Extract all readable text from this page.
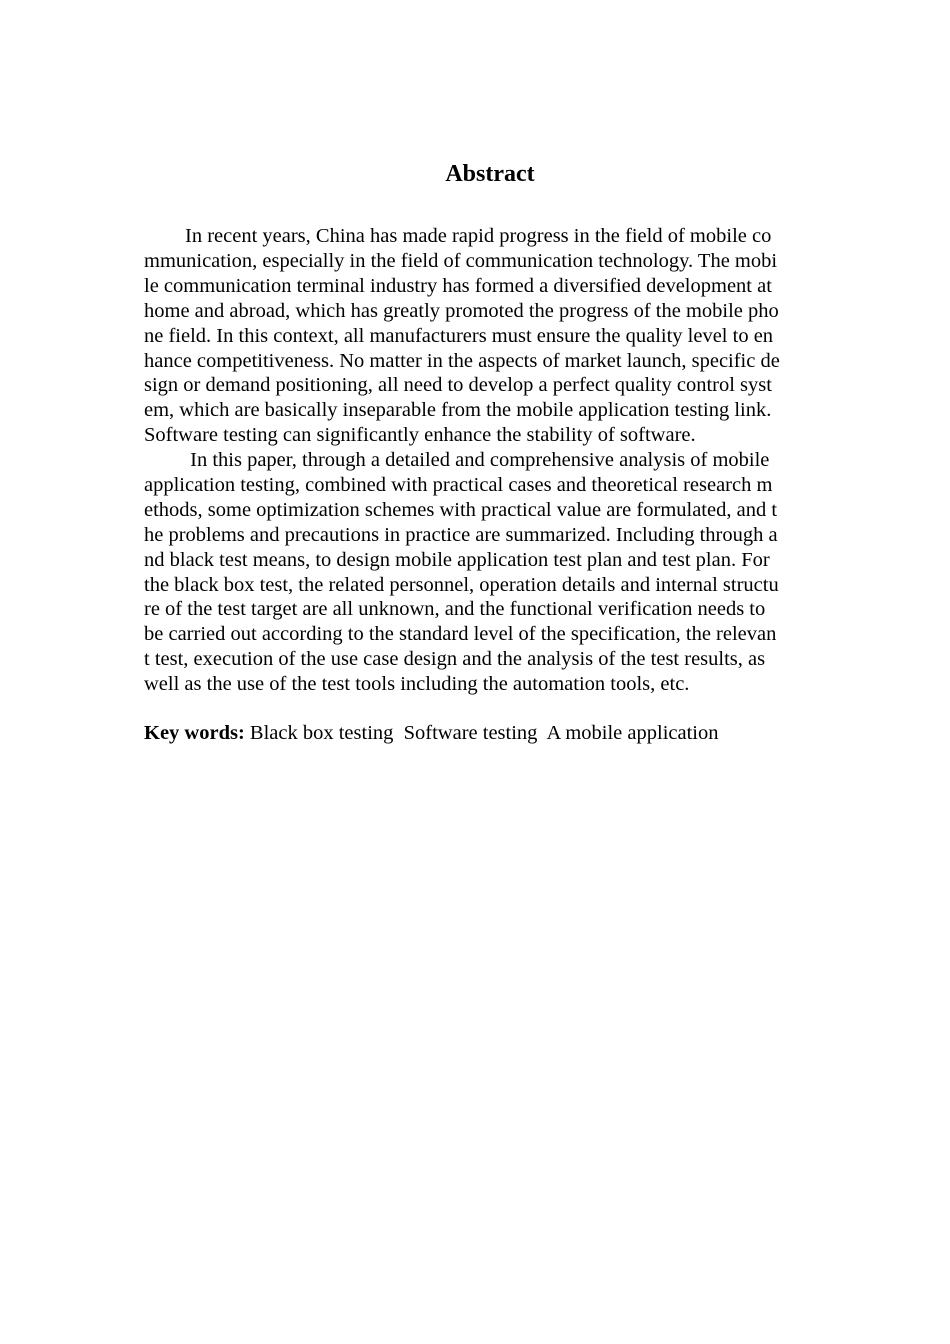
Abstract
In recent years, China has made rapid progress in the field of mobile co
mmunication, especially in the field of communication technology. The mobi
le communication terminal industry has formed a diversified development at
home and abroad, which has greatly promoted the progress of the mobile pho
ne field. In this context, all manufacturers must ensure the quality level to en
hance competitiveness. No matter in the aspects of market launch, specific de
sign or demand positioning, all need to develop a perfect quality control syst
em, which are basically inseparable from the mobile application testing link.
Software testing can significantly enhance the stability of software.
In this paper, through a detailed and comprehensive analysis of mobile
application testing, combined with practical cases and theoretical research m
ethods, some optimization schemes with practical value are formulated, and t
he problems and precautions in practice are summarized. Including through a
nd black test means, to design mobile application test plan and test plan. For
the black box test, the related personnel, operation details and internal structu
re of the test target are all unknown, and the functional verification needs to
be carried out according to the standard level of the specification, the relevan
t test, execution of the use case design and the analysis of the test results, as
well as the use of the test tools including the automation tools, etc.
Key words: Black box testing  Software testing  A mobile application
